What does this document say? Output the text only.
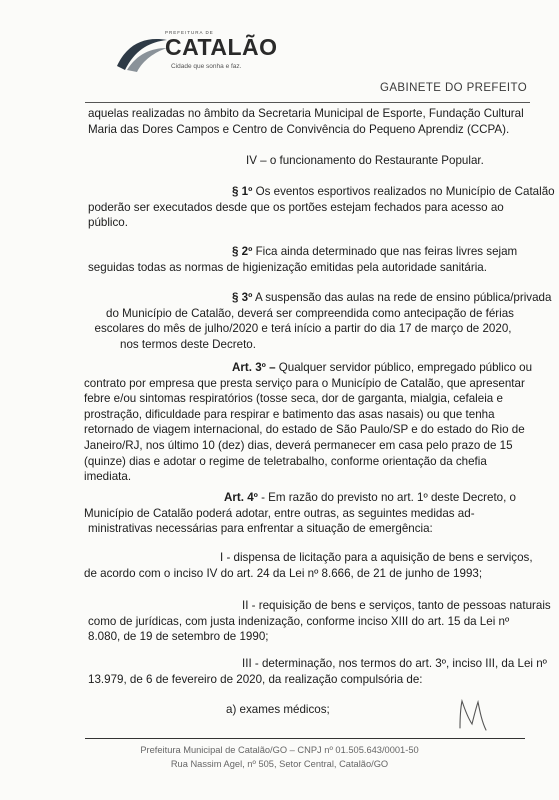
PREFEITURA DE
CATALÃO
Cidade que sonha e faz.
GABINETE DO PREFEITO
aquelas realizadas no âmbito da Secretaria Municipal de Esporte, Fundação Cultural
Maria das Dores Campos e Centro de Convivência do Pequeno Aprendiz (CCPA).
IV – o funcionamento do Restaurante Popular.
§ 1º Os eventos esportivos realizados no Município de Catalão
poderão ser executados desde que os portões estejam fechados para acesso ao
público.
§ 2º Fica ainda determinado que nas feiras livres sejam
seguidas todas as normas de higienização emitidas pela autoridade sanitária.
§ 3º A suspensão das aulas na rede de ensino pública/privada
do Município de Catalão, deverá ser compreendida como antecipação de férias
escolares do mês de julho/2020 e terá início a partir do dia 17 de março de 2020,
nos termos deste Decreto.
Art. 3º – Qualquer servidor público, empregado público ou
contrato por empresa que presta serviço para o Município de Catalão, que apresentar
febre e/ou sintomas respiratórios (tosse seca, dor de garganta, mialgia, cefaleia e
prostração, dificuldade para respirar e batimento das asas nasais) ou que tenha
retornado de viagem internacional, do estado de São Paulo/SP e do estado do Rio de
Janeiro/RJ, nos último 10 (dez) dias, deverá permanecer em casa pelo prazo de 15
(quinze) dias e adotar o regime de teletrabalho, conforme orientação da chefia
imediata.
Art. 4º - Em razão do previsto no art. 1º deste Decreto, o
Município de Catalão poderá adotar, entre outras, as seguintes medidas ad-
ministrativas necessárias para enfrentar a situação de emergência:
I - dispensa de licitação para a aquisição de bens e serviços,
de acordo com o inciso IV do art. 24 da Lei nº 8.666, de 21 de junho de 1993;
II - requisição de bens e serviços, tanto de pessoas naturais
como de jurídicas, com justa indenização, conforme inciso XIII do art. 15 da Lei nº
8.080, de 19 de setembro de 1990;
III - determinação, nos termos do art. 3º, inciso III, da Lei nº
13.979, de 6 de fevereiro de 2020, da realização compulsória de:
a) exames médicos;
Prefeitura Municipal de Catalão/GO – CNPJ nº 01.505.643/0001-50
Rua Nassim Agel, nº 505, Setor Central, Catalão/GO
